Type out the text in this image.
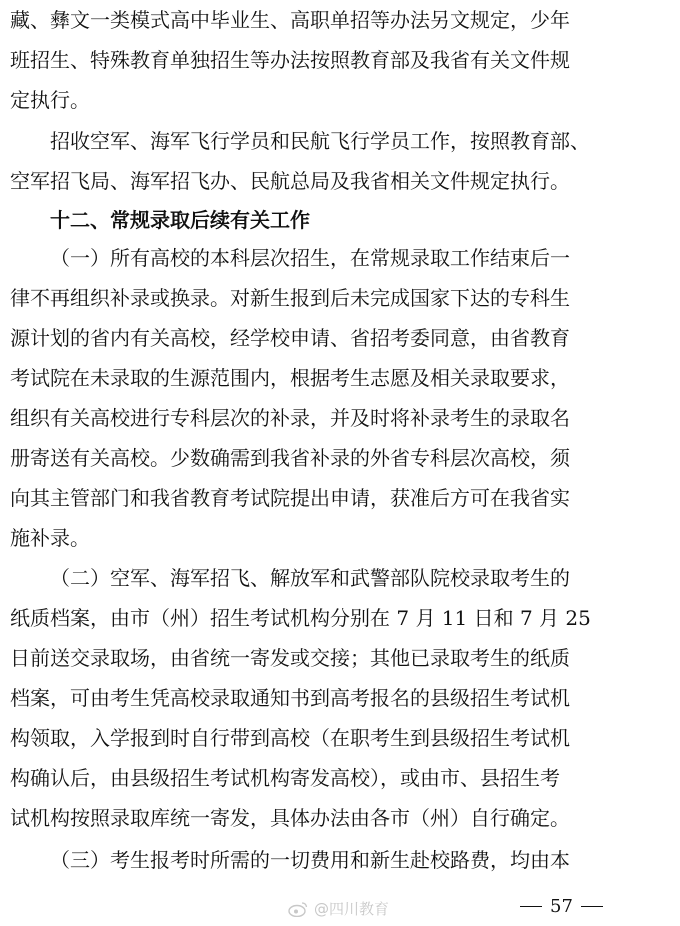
藏、彝文一类模式高中毕业生、高职单招等办法另文规定，少年
班招生、特殊教育单独招生等办法按照教育部及我省有关文件规
定执行。
招收空军、海军飞行学员和民航飞行学员工作，按照教育部、
空军招飞局、海军招飞办、民航总局及我省相关文件规定执行。
十二、常规录取后续有关工作
（一）所有高校的本科层次招生，在常规录取工作结束后一
律不再组织补录或换录。对新生报到后未完成国家下达的专科生
源计划的省内有关高校，经学校申请、省招考委同意，由省教育
考试院在未录取的生源范围内，根据考生志愿及相关录取要求，
组织有关高校进行专科层次的补录，并及时将补录考生的录取名
册寄送有关高校。少数确需到我省补录的外省专科层次高校，须
向其主管部门和我省教育考试院提出申请，获准后方可在我省实
施补录。
（二）空军、海军招飞、解放军和武警部队院校录取考生的
纸质档案，由市（州）招生考试机构分别在 7 月 11 日和 7 月 25
日前送交录取场，由省统一寄发或交接；其他已录取考生的纸质
档案，可由考生凭高校录取通知书到高考报名的县级招生考试机
构领取，入学报到时自行带到高校（在职考生到县级招生考试机
构确认后，由县级招生考试机构寄发高校），或由市、县招生考
试机构按照录取库统一寄发，具体办法由各市（州）自行确定。
（三）考生报考时所需的一切费用和新生赴校路费，均由本
@四川教育	57
